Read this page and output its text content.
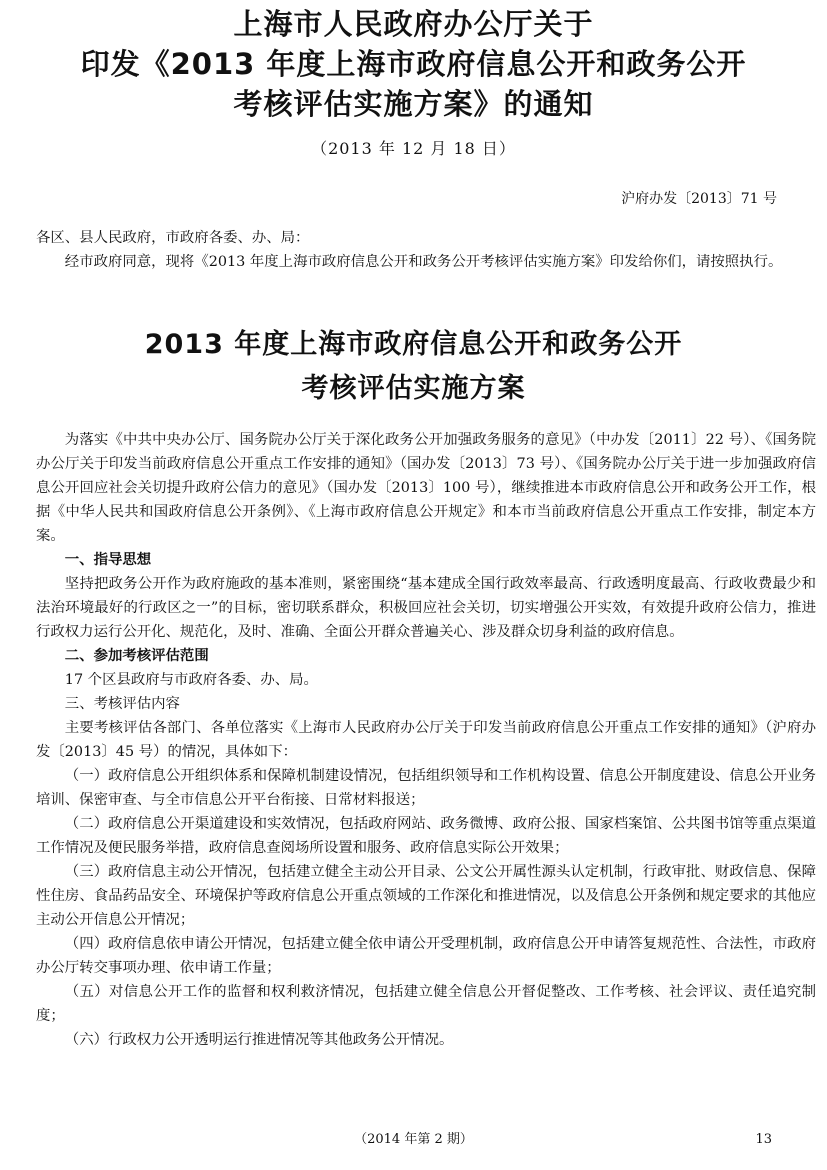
上海市人民政府办公厅关于
印发《2013 年度上海市政府信息公开和政务公开
考核评估实施方案》的通知
（2013 年 12 月 18 日）
沪府办发〔2013〕71 号

各区、县人民政府，市政府各委、办、局：

经市政府同意，现将《2013 年度上海市政府信息公开和政务公开考核评估实施方案》印发给你们，请按照执行。

2013 年度上海市政府信息公开和政务公开
考核评估实施方案

为落实《中共中央办公厅、国务院办公厅关于深化政务公开加强政务服务的意见》（中办发〔2011〕22 号）、《国务院办公厅关于印发当前政府信息公开重点工作安排的通知》（国办发〔2013〕73 号）、《国务院办公厅关于进一步加强政府信息公开回应社会关切提升政府公信力的意见》（国办发〔2013〕100 号），继续推进本市政府信息公开和政务公开工作，根据《中华人民共和国政府信息公开条例》、《上海市政府信息公开规定》和本市当前政府信息公开重点工作安排，制定本方案。

一、指导思想

坚持把政务公开作为政府施政的基本准则，紧密围绕“基本建成全国行政效率最高、行政透明度最高、行政收费最少和法治环境最好的行政区之一”的目标，密切联系群众，积极回应社会关切，切实增强公开实效，有效提升政府公信力，推进行政权力运行公开化、规范化，及时、准确、全面公开群众普遍关心、涉及群众切身利益的政府信息。

二、参加考核评估范围

17 个区县政府与市政府各委、办、局。

三、考核评估内容

主要考核评估各部门、各单位落实《上海市人民政府办公厅关于印发当前政府信息公开重点工作安排的通知》（沪府办发〔2013〕45 号）的情况，具体如下：

（一）政府信息公开组织体系和保障机制建设情况，包括组织领导和工作机构设置、信息公开制度建设、信息公开业务培训、保密审查、与全市信息公开平台衔接、日常材料报送；

（二）政府信息公开渠道建设和实效情况，包括政府网站、政务微博、政府公报、国家档案馆、公共图书馆等重点渠道工作情况及便民服务举措，政府信息查阅场所设置和服务、政府信息实际公开效果；

（三）政府信息主动公开情况，包括建立健全主动公开目录、公文公开属性源头认定机制，行政审批、财政信息、保障性住房、食品药品安全、环境保护等政府信息公开重点领域的工作深化和推进情况，以及信息公开条例和规定要求的其他应主动公开信息公开情况；

（四）政府信息依申请公开情况，包括建立健全依申请公开受理机制，政府信息公开申请答复规范性、合法性，市政府办公厅转交事项办理、依申请工作量；

（五）对信息公开工作的监督和权利救济情况，包括建立健全信息公开督促整改、工作考核、社会评议、责任追究制度；

（六）行政权力公开透明运行推进情况等其他政务公开情况。

（2014 年第 2 期）	13
